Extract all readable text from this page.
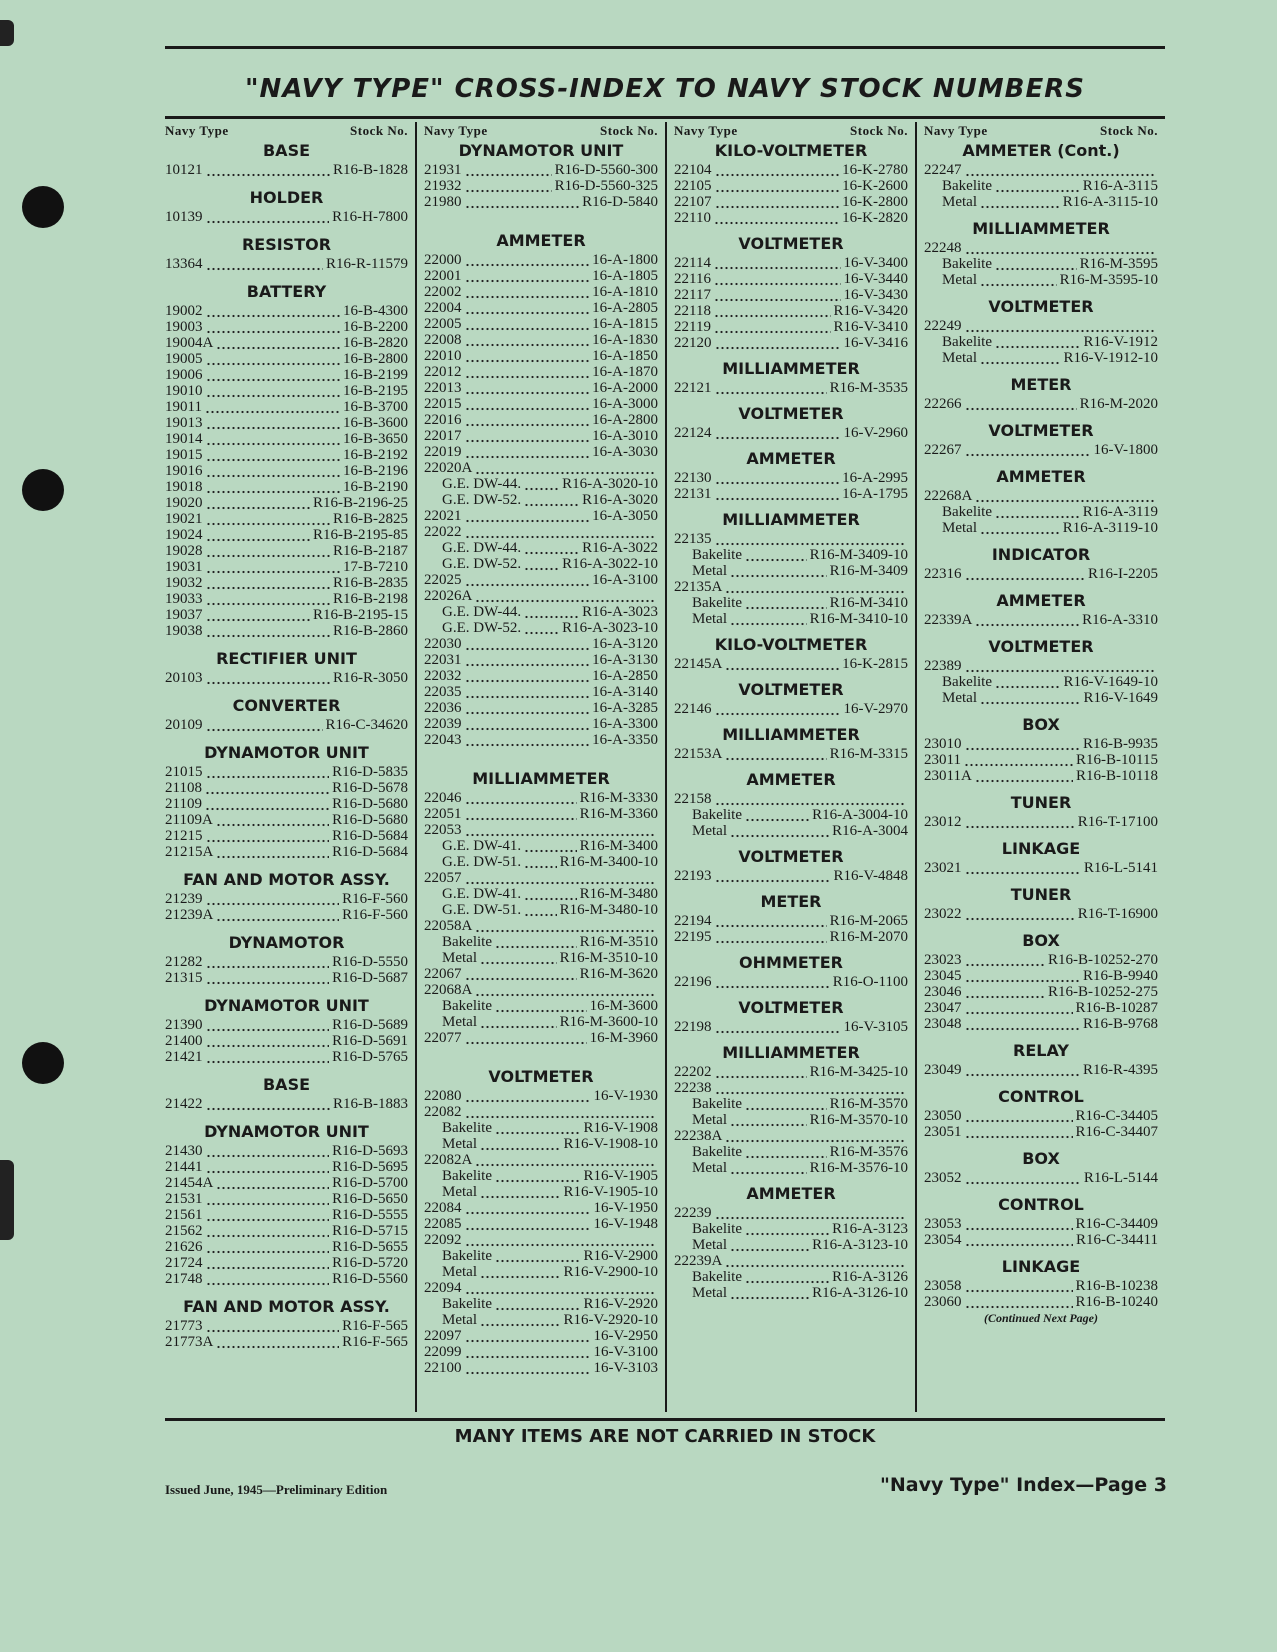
"NAVY TYPE" CROSS-INDEX TO NAVY STOCK NUMBERS
Navy Type	Stock No.
BASE
10121	R16-B-1828
HOLDER
10139	R16-H-7800
RESISTOR
13364	R16-R-11579
BATTERY
19002	16-B-4300
19003	16-B-2200
19004A	16-B-2820
19005	16-B-2800
19006	16-B-2199
19010	16-B-2195
19011	16-B-3700
19013	16-B-3600
19014	16-B-3650
19015	16-B-2192
19016	16-B-2196
19018	16-B-2190
19020	R16-B-2196-25
19021	R16-B-2825
19024	R16-B-2195-85
19028	R16-B-2187
19031	17-B-7210
19032	R16-B-2835
19033	R16-B-2198
19037	R16-B-2195-15
19038	R16-B-2860
RECTIFIER UNIT
20103	R16-R-3050
CONVERTER
20109	R16-C-34620
DYNAMOTOR UNIT
21015	R16-D-5835
21108	R16-D-5678
21109	R16-D-5680
21109A	R16-D-5680
21215	R16-D-5684
21215A	R16-D-5684
FAN AND MOTOR ASSY.
21239	R16-F-560
21239A	R16-F-560
DYNAMOTOR
21282	R16-D-5550
21315	R16-D-5687
DYNAMOTOR UNIT
21390	R16-D-5689
21400	R16-D-5691
21421	R16-D-5765
BASE
21422	R16-B-1883
DYNAMOTOR UNIT
21430	R16-D-5693
21441	R16-D-5695
21454A	R16-D-5700
21531	R16-D-5650
21561	R16-D-5555
21562	R16-D-5715
21626	R16-D-5655
21724	R16-D-5720
21748	R16-D-5560
FAN AND MOTOR ASSY.
21773	R16-F-565
21773A	R16-F-565
Navy Type	Stock No.
DYNAMOTOR UNIT
21931	R16-D-5560-300
21932	R16-D-5560-325
21980	R16-D-5840
AMMETER
22000	16-A-1800
22001	16-A-1805
22002	16-A-1810
22004	16-A-2805
22005	16-A-1815
22008	16-A-1830
22010	16-A-1850
22012	16-A-1870
22013	16-A-2000
22015	16-A-3000
22016	16-A-2800
22017	16-A-3010
22019	16-A-3030
22020A
G.E. DW-44.	R16-A-3020-10
G.E. DW-52.	R16-A-3020
22021	16-A-3050
22022
G.E. DW-44.	R16-A-3022
G.E. DW-52.	R16-A-3022-10
22025	16-A-3100
22026A
G.E. DW-44.	R16-A-3023
G.E. DW-52.	R16-A-3023-10
22030	16-A-3120
22031	16-A-3130
22032	16-A-2850
22035	16-A-3140
22036	16-A-3285
22039	16-A-3300
22043	16-A-3350
MILLIAMMETER
22046	R16-M-3330
22051	R16-M-3360
22053
G.E. DW-41.	R16-M-3400
G.E. DW-51.	R16-M-3400-10
22057
G.E. DW-41.	R16-M-3480
G.E. DW-51.	R16-M-3480-10
22058A
Bakelite	R16-M-3510
Metal	R16-M-3510-10
22067	R16-M-3620
22068A
Bakelite	16-M-3600
Metal	R16-M-3600-10
22077	16-M-3960
VOLTMETER
22080	16-V-1930
22082
Bakelite	R16-V-1908
Metal	R16-V-1908-10
22082A
Bakelite	R16-V-1905
Metal	R16-V-1905-10
22084	16-V-1950
22085	16-V-1948
22092
Bakelite	R16-V-2900
Metal	R16-V-2900-10
22094
Bakelite	R16-V-2920
Metal	R16-V-2920-10
22097	16-V-2950
22099	16-V-3100
22100	16-V-3103
Navy Type	Stock No.
KILO-VOLTMETER
22104	16-K-2780
22105	16-K-2600
22107	16-K-2800
22110	16-K-2820
VOLTMETER
22114	16-V-3400
22116	16-V-3440
22117	16-V-3430
22118	R16-V-3420
22119	R16-V-3410
22120	16-V-3416
MILLIAMMETER
22121	R16-M-3535
VOLTMETER
22124	16-V-2960
AMMETER
22130	16-A-2995
22131	16-A-1795
MILLIAMMETER
22135
Bakelite	R16-M-3409-10
Metal	R16-M-3409
22135A
Bakelite	R16-M-3410
Metal	R16-M-3410-10
KILO-VOLTMETER
22145A	16-K-2815
VOLTMETER
22146	16-V-2970
MILLIAMMETER
22153A	R16-M-3315
AMMETER
22158
Bakelite	R16-A-3004-10
Metal	R16-A-3004
VOLTMETER
22193	R16-V-4848
METER
22194	R16-M-2065
22195	R16-M-2070
OHMMETER
22196	R16-O-1100
VOLTMETER
22198	16-V-3105
MILLIAMMETER
22202	R16-M-3425-10
22238
Bakelite	R16-M-3570
Metal	R16-M-3570-10
22238A
Bakelite	R16-M-3576
Metal	R16-M-3576-10
AMMETER
22239
Bakelite	R16-A-3123
Metal	R16-A-3123-10
22239A
Bakelite	R16-A-3126
Metal	R16-A-3126-10
Navy Type	Stock No.
AMMETER (Cont.)
22247
Bakelite	R16-A-3115
Metal	R16-A-3115-10
MILLIAMMETER
22248
Bakelite	R16-M-3595
Metal	R16-M-3595-10
VOLTMETER
22249
Bakelite	R16-V-1912
Metal	R16-V-1912-10
METER
22266	R16-M-2020
VOLTMETER
22267	16-V-1800
AMMETER
22268A
Bakelite	R16-A-3119
Metal	R16-A-3119-10
INDICATOR
22316	R16-I-2205
AMMETER
22339A	R16-A-3310
VOLTMETER
22389
Bakelite	R16-V-1649-10
Metal	R16-V-1649
BOX
23010	R16-B-9935
23011	R16-B-10115
23011A	R16-B-10118
TUNER
23012	R16-T-17100
LINKAGE
23021	R16-L-5141
TUNER
23022	R16-T-16900
BOX
23023	R16-B-10252-270
23045	R16-B-9940
23046	R16-B-10252-275
23047	R16-B-10287
23048	R16-B-9768
RELAY
23049	R16-R-4395
CONTROL
23050	R16-C-34405
23051	R16-C-34407
BOX
23052	R16-L-5144
CONTROL
23053	R16-C-34409
23054	R16-C-34411
LINKAGE
23058	R16-B-10238
23060	R16-B-10240
(Continued Next Page)
MANY ITEMS ARE NOT CARRIED IN STOCK
Issued June, 1945—Preliminary Edition	"Navy Type" Index—Page 3
